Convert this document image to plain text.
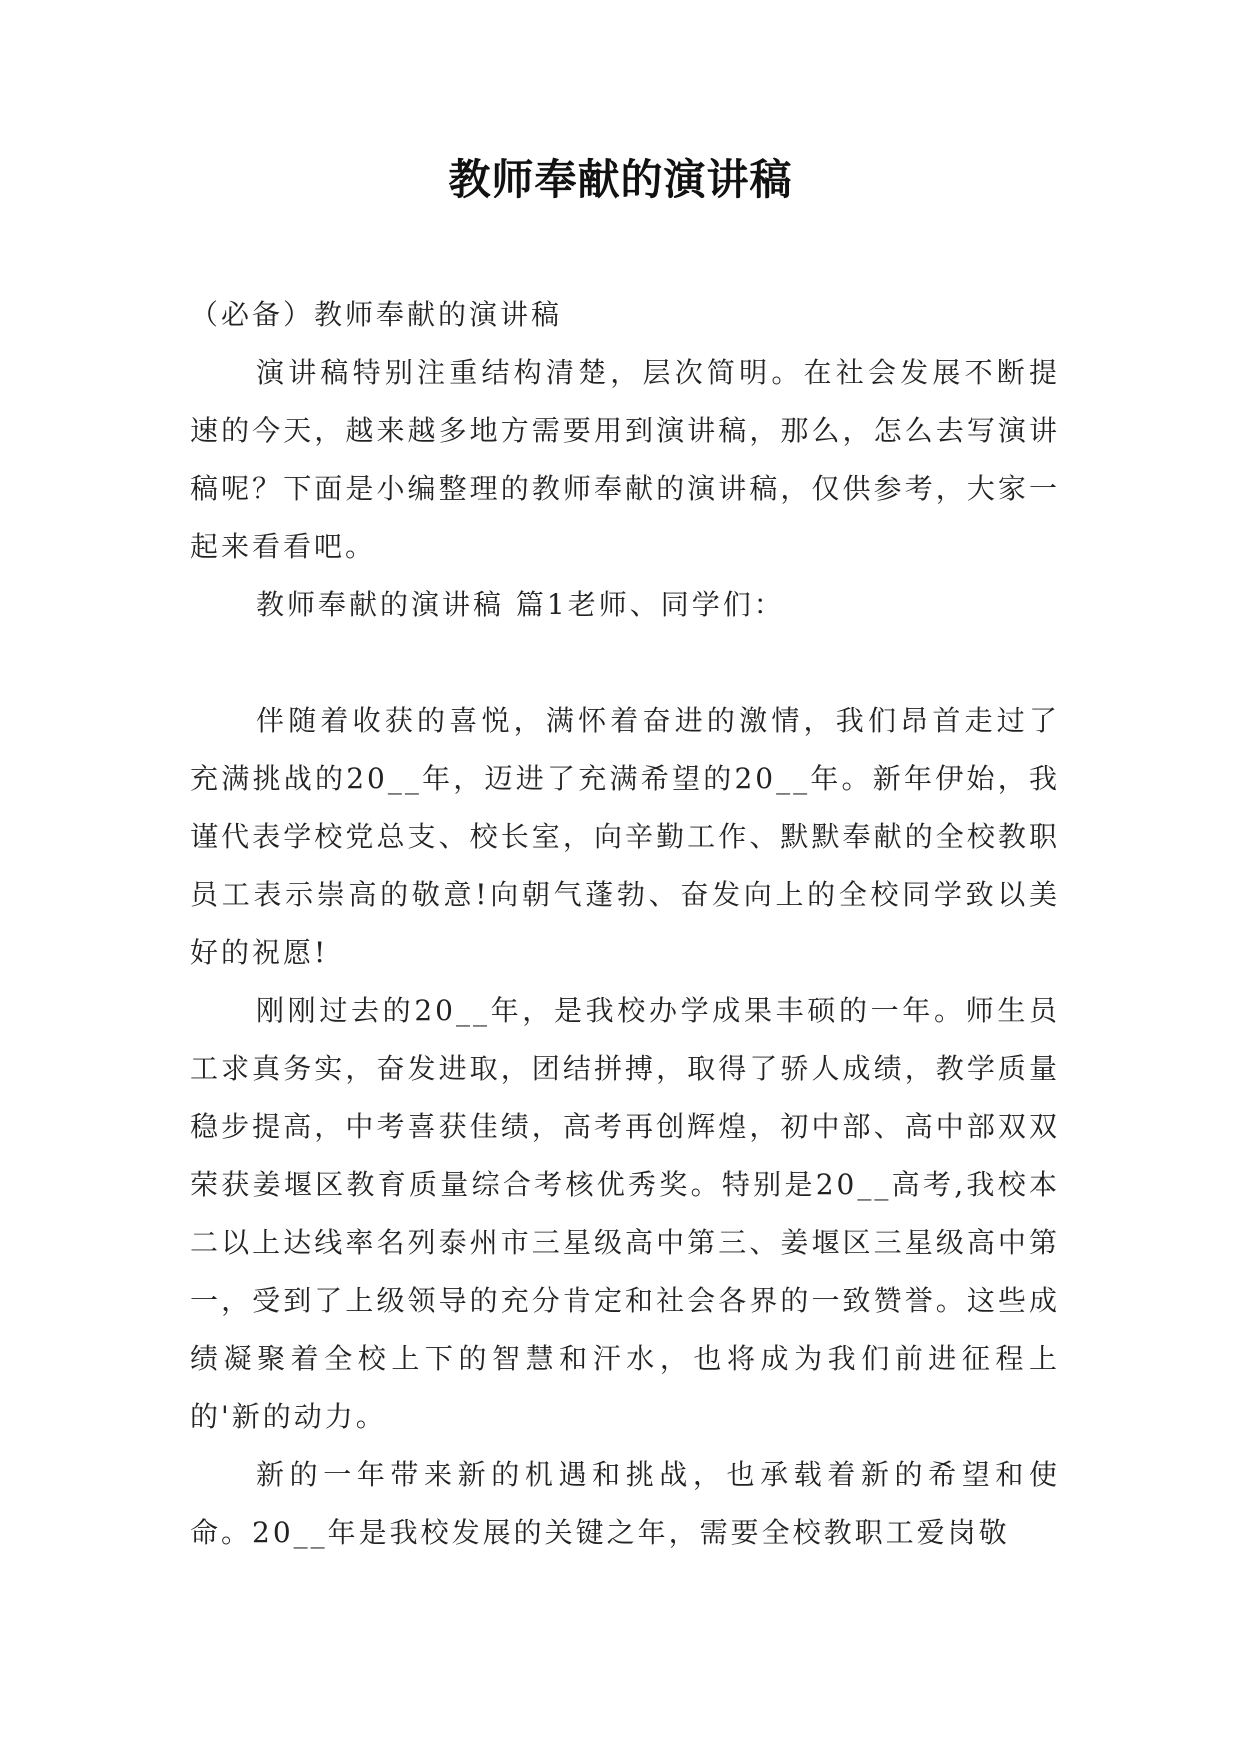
教师奉献的演讲稿

（必备）教师奉献的演讲稿

演讲稿特别注重结构清楚，层次简明。在社会发展不断提速的今天，越来越多地方需要用到演讲稿，那么，怎么去写演讲稿呢？下面是小编整理的教师奉献的演讲稿，仅供参考，大家一起来看看吧。

教师奉献的演讲稿 篇1老师、同学们：

伴随着收获的喜悦，满怀着奋进的激情，我们昂首走过了充满挑战的20__年，迈进了充满希望的20__年。新年伊始，我谨代表学校党总支、校长室，向辛勤工作、默默奉献的全校教职员工表示崇高的敬意!向朝气蓬勃、奋发向上的全校同学致以美好的祝愿!

刚刚过去的20__年，是我校办学成果丰硕的一年。师生员工求真务实，奋发进取，团结拼搏，取得了骄人成绩，教学质量稳步提高，中考喜获佳绩，高考再创辉煌，初中部、高中部双双荣获姜堰区教育质量综合考核优秀奖。特别是20__高考,我校本二以上达线率名列泰州市三星级高中第三、姜堰区三星级高中第一，受到了上级领导的充分肯定和社会各界的一致赞誉。这些成绩凝聚着全校上下的智慧和汗水，也将成为我们前进征程上的'新的动力。

新的一年带来新的机遇和挑战，也承载着新的希望和使命。20__年是我校发展的关键之年，需要全校教职工爱岗敬
